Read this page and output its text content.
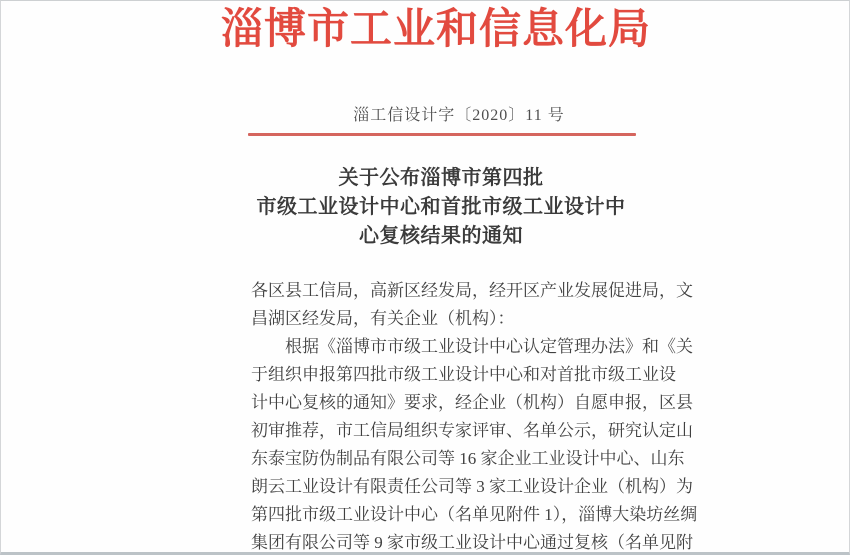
淄博市工业和信息化局
淄工信设计字〔2020〕11 号
关于公布淄博市第四批
市级工业设计中心和首批市级工业设计中
心复核结果的通知
各区县工信局，高新区经发局，经开区产业发展促进局，文
昌湖区经发局，有关企业（机构）：
根据《淄博市市级工业设计中心认定管理办法》和《关
于组织申报第四批市级工业设计中心和对首批市级工业设
计中心复核的通知》要求，经企业（机构）自愿申报，区县
初审推荐，市工信局组织专家评审、名单公示，研究认定山
东泰宝防伪制品有限公司等 16 家企业工业设计中心、山东
朗云工业设计有限责任公司等 3 家工业设计企业（机构）为
第四批市级工业设计中心（名单见附件 1），淄博大染坊丝绸
集团有限公司等 9 家市级工业设计中心通过复核（名单见附
